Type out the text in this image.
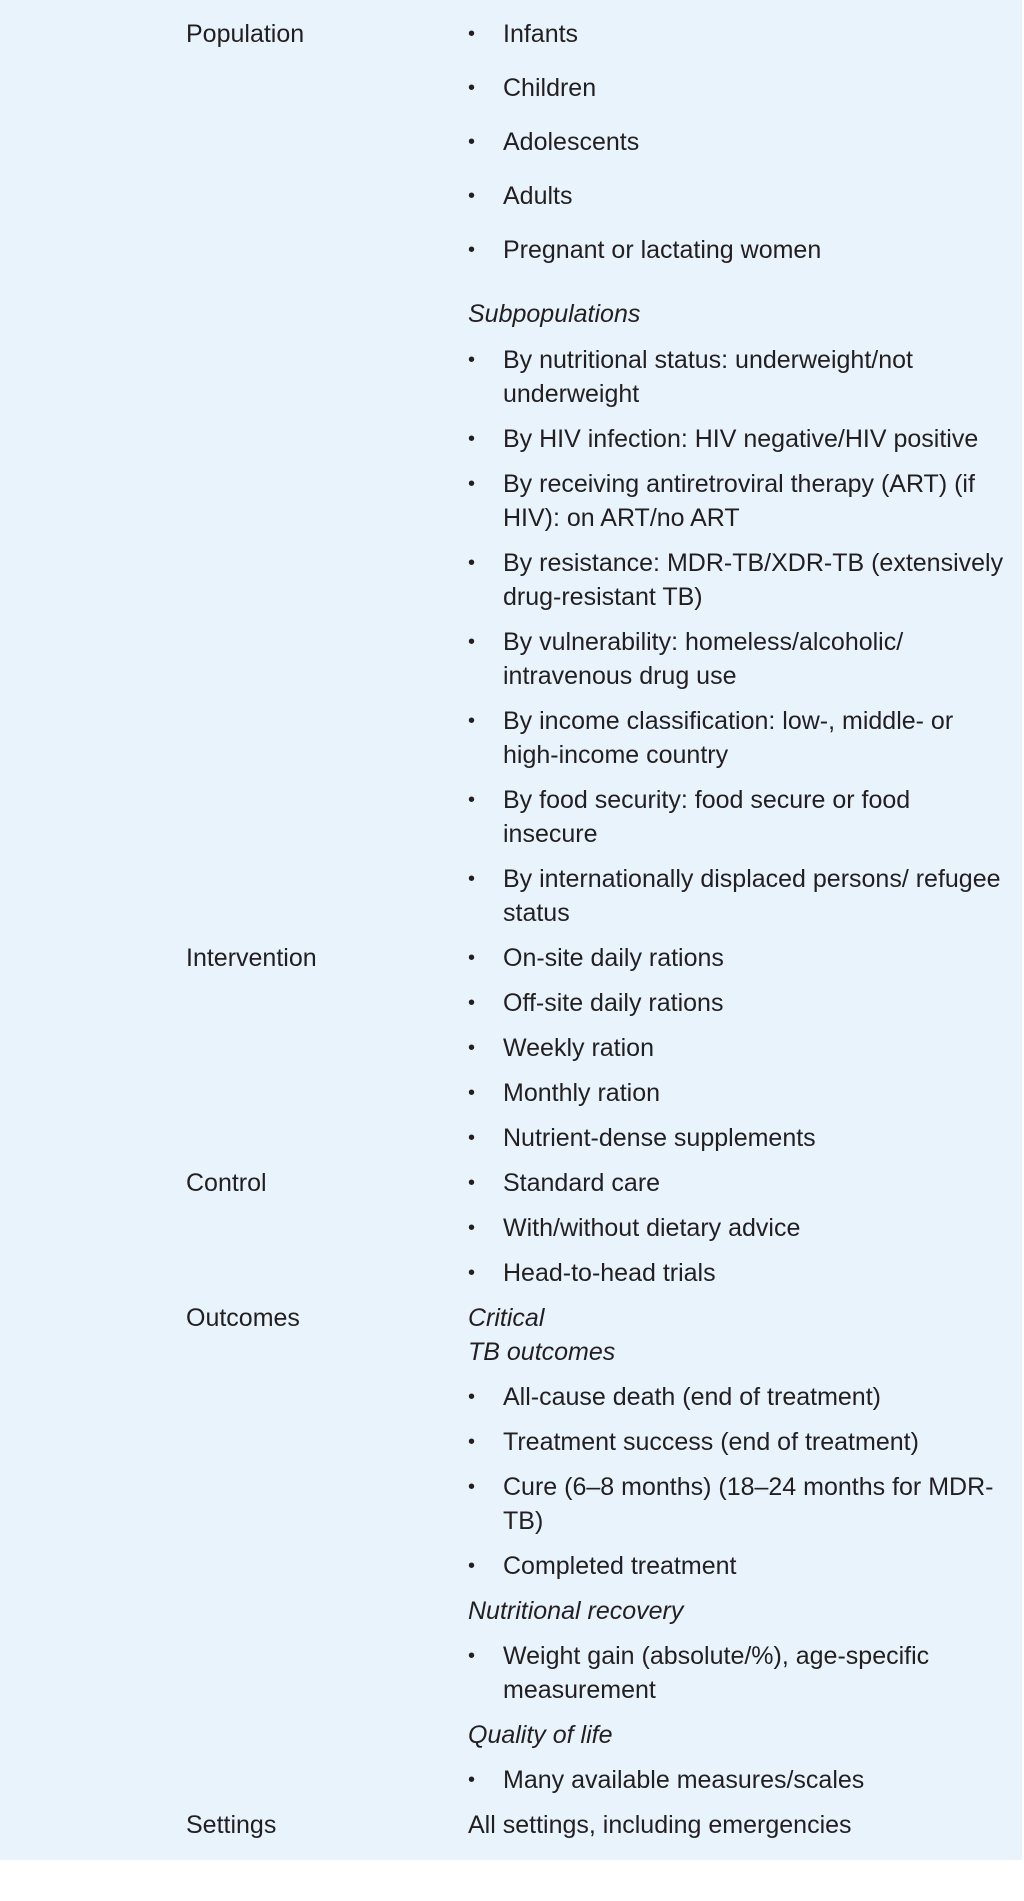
Population	• Infants
• Children
• Adolescents
• Adults
• Pregnant or lactating women
Subpopulations
• By nutritional status: underweight/not underweight
• By HIV infection: HIV negative/HIV positive
• By receiving antiretroviral therapy (ART) (if HIV): on ART/no ART
• By resistance: MDR-TB/XDR-TB (extensively drug-resistant TB)
• By vulnerability: homeless/alcoholic/ intravenous drug use
• By income classification: low-, middle- or high-income country
• By food security: food secure or food insecure
• By internationally displaced persons/ refugee status
Intervention	• On-site daily rations
• Off-site daily rations
• Weekly ration
• Monthly ration
• Nutrient-dense supplements
Control	• Standard care
• With/without dietary advice
• Head-to-head trials
Outcomes	Critical
TB outcomes
• All-cause death (end of treatment)
• Treatment success (end of treatment)
• Cure (6–8 months) (18–24 months for MDR-TB)
• Completed treatment
Nutritional recovery
• Weight gain (absolute/%), age-specific measurement
Quality of life
• Many available measures/scales
Settings	All settings, including emergencies
